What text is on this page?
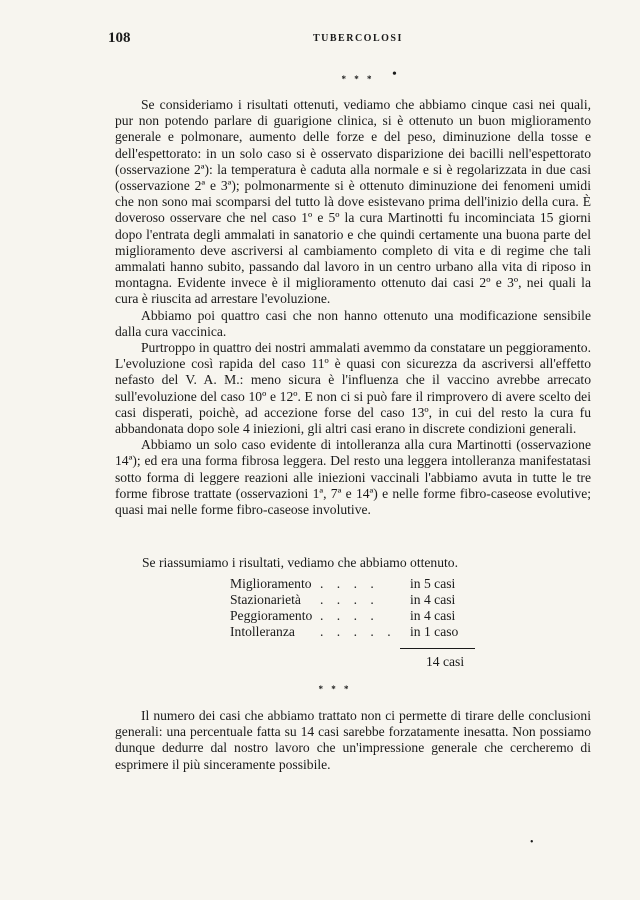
108	TUBERCOLOSI
* * *	•

Se consideriamo i risultati ottenuti, vediamo che abbiamo cinque casi nei quali, pur non potendo parlare di guarigione clinica, si è ottenuto un buon miglioramento generale e polmonare, aumento delle forze e del peso, diminuzione della tosse e dell'espettorato: in un solo caso si è osservato disparizione dei bacilli nell'espettorato (osservazione 2ª): la temperatura è caduta alla normale e si è regolarizzata in due casi (osservazione 2ª e 3ª); polmonarmente si è ottenuto diminuzione dei fenomeni umidi che non sono mai scomparsi del tutto là dove esistevano prima dell'inizio della cura. È doveroso osservare che nel caso 1º e 5º la cura Martinotti fu incominciata 15 giorni dopo l'entrata degli ammalati in sanatorio e che quindi certamente una buona parte del miglioramento deve ascriversi al cambiamento completo di vita e di regime che tali ammalati hanno subito, passando dal lavoro in un centro urbano alla vita di riposo in montagna. Evidente invece è il miglioramento ottenuto dai casi 2º e 3º, nei quali la cura è riuscita ad arrestare l'evoluzione.

Abbiamo poi quattro casi che non hanno ottenuto una modificazione sensibile dalla cura vaccinica.

Purtroppo in quattro dei nostri ammalati avemmo da constatare un peggioramento. L'evoluzione così rapida del caso 11º è quasi con sicurezza da ascriversi all'effetto nefasto del V. A. M.: meno sicura è l'influenza che il vaccino avrebbe arrecato sull'evoluzione del caso 10º e 12º. E non ci si può fare il rimprovero di avere scelto dei casi disperati, poichè, ad accezione forse del caso 13º, in cui del resto la cura fu abbandonata dopo sole 4 iniezioni, gli altri casi erano in discrete condizioni generali.

Abbiamo un solo caso evidente di intolleranza alla cura Martinotti (osservazione 14ª); ed era una forma fibrosa leggera. Del resto una leggera intolleranza manifestatasi sotto forma di leggere reazioni alle iniezioni vaccinali l'abbiamo avuta in tutte le tre forme fibrose trattate (osservazioni 1ª, 7ª e 14ª) e nelle forme fibro-caseose evolutive; quasi mai nelle forme fibro-caseose involutive.

Se riassumiamo i risultati, vediamo che abbiamo ottenuto.
Miglioramento	. . . .	in 5 casi
Stazionarietà	. . . .	in 4 casi
Peggioramento	. . . .	in 4 casi
Intolleranza	. . . . .	in 1 caso
14 casi
* * *

Il numero dei casi che abbiamo trattato non ci permette di tirare delle conclusioni generali: una percentuale fatta su 14 casi sarebbe forzatamente inesatta. Non possiamo dunque dedurre dal nostro lavoro che un'impressione generale che cercheremo di esprimere il più sinceramente possibile.

•
